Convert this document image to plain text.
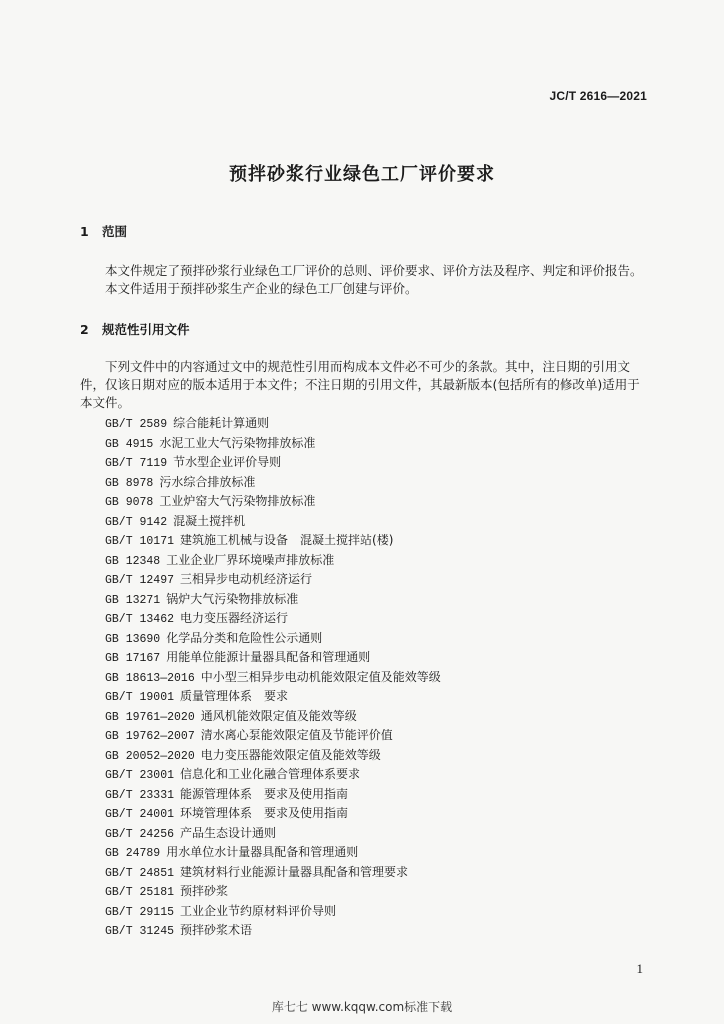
JC/T 2616—2021
预拌砂浆行业绿色工厂评价要求
1 范围
本文件规定了预拌砂浆行业绿色工厂评价的总则、评价要求、评价方法及程序、判定和评价报告。
本文件适用于预拌砂浆生产企业的绿色工厂创建与评价。
2 规范性引用文件
下列文件中的内容通过文中的规范性引用而构成本文件必不可少的条款。其中，注日期的引用文
件，仅该日期对应的版本适用于本文件；不注日期的引用文件，其最新版本(包括所有的修改单)适用于
本文件。
GB/T 2589 综合能耗计算通则
GB 4915 水泥工业大气污染物排放标准
GB/T 7119 节水型企业评价导则
GB 8978 污水综合排放标准
GB 9078 工业炉窑大气污染物排放标准
GB/T 9142 混凝土搅拌机
GB/T 10171 建筑施工机械与设备　混凝土搅拌站(楼)
GB 12348 工业企业厂界环境噪声排放标准
GB/T 12497 三相异步电动机经济运行
GB 13271 锅炉大气污染物排放标准
GB/T 13462 电力变压器经济运行
GB 13690 化学品分类和危险性公示通则
GB 17167 用能单位能源计量器具配备和管理通则
GB 18613—2016 中小型三相异步电动机能效限定值及能效等级
GB/T 19001 质量管理体系　要求
GB 19761—2020 通风机能效限定值及能效等级
GB 19762—2007 清水离心泵能效限定值及节能评价值
GB 20052—2020 电力变压器能效限定值及能效等级
GB/T 23001 信息化和工业化融合管理体系要求
GB/T 23331 能源管理体系　要求及使用指南
GB/T 24001 环境管理体系　要求及使用指南
GB/T 24256 产品生态设计通则
GB 24789 用水单位水计量器具配备和管理通则
GB/T 24851 建筑材料行业能源计量器具配备和管理要求
GB/T 25181 预拌砂浆
GB/T 29115 工业企业节约原材料评价导则
GB/T 31245 预拌砂浆术语
1
库七七 www.kqqw.com标准下载
